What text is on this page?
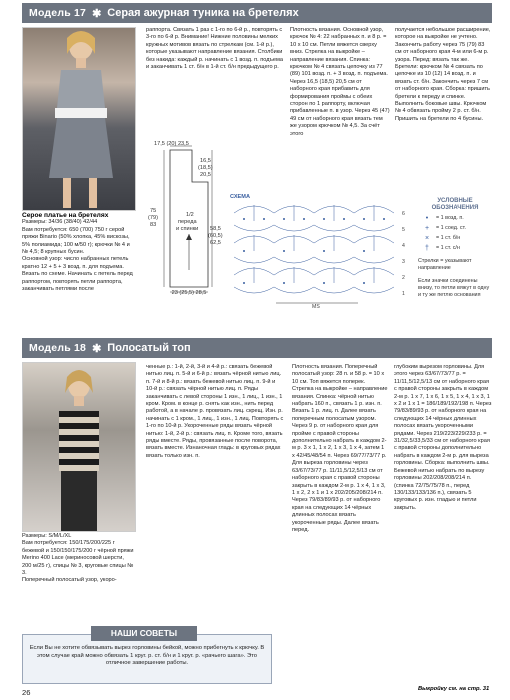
Модель 17 ✱ Серая ажурная туника на бретелях
Серое платье на бретелях
Размеры: 34/36 (38/40) 42/44
Вам потребуется: 650 (700) 750 г серой пряжи Binario (50% хлопка, 45% вискозы, 5% полиамида; 100 м/50 г); крючки № 4 и № 4,5; 8 крупных бусин.
Основной узор: число набранных петель кратно 12 + 5 + 3 возд. п. для подъема. Вязать по схеме. Начинать с петель перед раппортом, повторять петли раппорта, заканчивать петлями после
раппорта. Связать 1 раз с 1-го по 6-й р., повторять с 3-го по 6-й р. Внимание! Нижние половины мелких кружных мотивов вязать по стрелкам (см. 1-й р.), которые указывают направление вязания. Столбики без накида: каждый р. начинать с 1 возд. п. подъема и заканчивать 1 ст. б/н в 1-й ст. б/н предыдущего р.
Плотность вязания. Основной узор, крючок № 4: 22 набранных п. и 8 р. = 10 х 10 см. Петли вяжется сверху вниз. Стрелка на выкройке – направление вязания. Спинка: крючком № 4 связать цепочку из 77 (89) 101 возд. п. + 3 возд. п. подъема. Через 16,5 (18,5) 20,5 см от наборного края прибавить для формирования проймы с обеих сторон по 1 раппорту, включая прибавленные п. в узор. Через 45 (47) 49 см от наборного края вязать тем же узором крючком № 4,5. За счёт этого
получается небольшое расширение, которое на выкройке не учтено. Закончить работу через 75 (79) 83 см от наборного края 4-м или 6-м р. узора. Перед: вязать так же. Бретели: крючком № 4 связать по цепочке из 10 (12) 14 возд. п. и вязать ст. б/н. Закончить через 7 см от наборного края. Сборка: пришить бретели к переду и спинке. Выполнить боковые швы. Крючком № 4 обвязать пройму 2 р. ст. б/н. Пришить на бретели по 4 бусины.
17,5 (20) 23,5
16,5
(18,5)
20,5
75
(79)
83
1/2
переда
и спинки 58,5
(60,5)
62,5
23 (25,5) 28,5
СХЕМА
6
5
4
3
2
1
MS
УСЛОВНЫЕ ОБОЗНАЧЕНИЯ
•	= 1 возд. п.
+	= 1 соед. ст.
×	= 1 ст. б/н
†	= 1 ст. с/н
Стрелки = указывают направление
Если значки соединены внизу, то петли вяжут в одну и ту же петлю основания
Модель 18 ✱ Полосатый топ
Размеры: S/M/L/XL
Вам потребуется: 150/175/200/225 г бежевой и 150/150/175/200 г чёрной пряжи Merino 400 Lace (мериносовой шерсти, 200 м/25 г), спицы № 3, круговые спицы № 3.
Поперечный полосатый узор, укоро-
ченные р.: 1-й, 2-й, 3-й и 4-й р.: связать бежевой нитью лиц. п. 5-й и 6-й р.: вязать чёрной нитью лиц. п. 7-й и 8-й р.: вязать бежевой нитью лиц. п. 9-й и 10-й р.: связать чёрной нитью лиц. п. Ряды заканчивать с левой стороны 1 изн., 1 лиц., 1 изн., 1 кром. Кром. в конце р. снять как изн., нить перед работой, а в начале р. провязать лиц. скрещ. Изн. р. начинать с 1 кром., 1 лиц., 1 изн., 1 лиц. Повторять с 1-го по 10-й р. Укороченные ряды вязать чёрной нитью: 1-й, 2-й р.: связать лиц. п. Кроме того, вязать ряды вместе. Ряды, провязанные после поворота, вязать вместе. Изнаночная гладь: в круговых рядах вязать только изн. п.
Плотность вязания. Поперечный полосатый узор: 28 п. и 58 р. = 10 х 10 см. Топ вяжется поперек. Стрелка на выкройке – направление вязания. Спинка: чёрной нитью набрать 160 п., связать 1 р. изн. п. Вязать 1 р. лиц. п. Далее вязать поперечным полосатым узором. Через 9 р. от наборного края для пройме с правой стороны дополнительно набрать в каждом 2-м р. 3 х 1, 1 х 2, 1 х 3, 1 х 4, затем 1 х 42/45/48/54 п. Через 69/77/73/77 р. Для выреза горловины через 63/67/73/77 р. 11/11,5/12,5/13 см от наборного края с правой стороны закрыть в каждом 2-м р. 1 х 4, 1 х 3, 1 х 2, 2 х 1 и 1 х 202/205/208/214 п. Через 79/83/89/93 р. от наборного края на следующих 14 чёрных длинных полосах вязать укороченные ряды. Далее вязать перед.
глубоким вырезом горловины. Для этого через 63/67/73/77 р. = 11/11,5/12,5/13 см от наборного края с правой стороны закрыть в каждом 2-м р. 1 х 7, 1 х 6, 1 х 5, 1 х 4, 1 х 3, 1 х 2 и 1 х 1 = 186/189/192/198 п. Через 79/83/89/93 р. от наборного края на следующих 14 чёрных длинных полосах вязать укороченными рядами. Через 219/223/229/233 р. = 31/32,5/33,5/33 см от наборного края с правой стороны дополнительно набрать в каждом 2-м р. для выреза горловины. Сборка: выполнить швы. Бежевой нитью набрать по вырезу горловины 202/208/208/214 п. (спинка 72/75/75/78 п., перед 130/133/133/136 п.), связать 5 круговых р. изн. гладью и петли закрыть.
НАШИ СОВЕТЫ
Если Вы не хотите обвязывать вырез горловины бейкой, можно прибегнуть к крючку. В этом случае край можно обвязать 1 круг. р. ст. б/н и 1 круг. р. «рачьего шага». Это отличное завершение работы.
26	Выкройку см. на стр. 31
